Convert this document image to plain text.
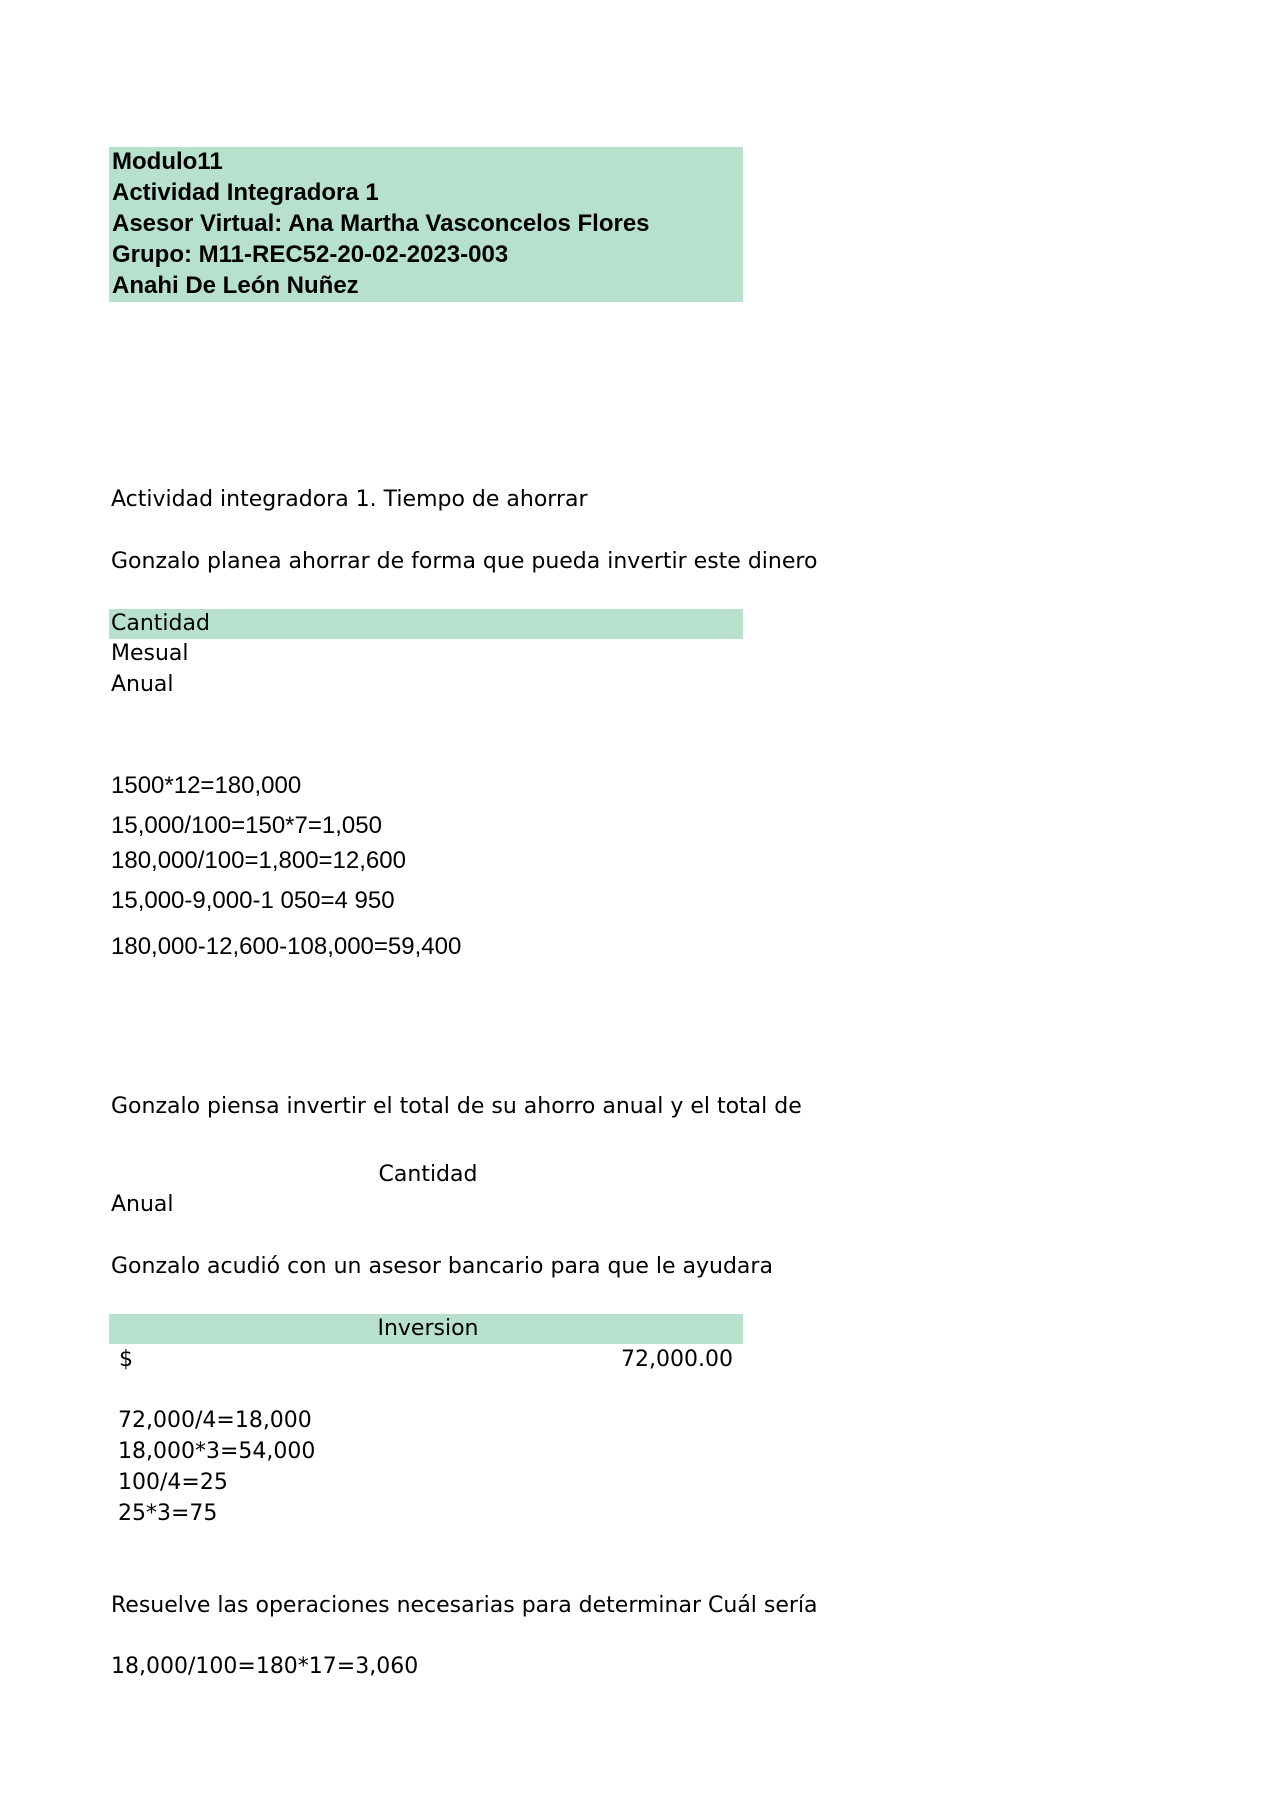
Modulo11
Actividad Integradora 1
Asesor Virtual: Ana Martha Vasconcelos Flores
Grupo: M11-REC52-20-02-2023-003
Anahi De León Nuñez
Actividad integradora 1. Tiempo de ahorrar
Gonzalo planea ahorrar de forma que pueda invertir este dinero
Cantidad
Mesual
Anual
1500*12=180,000
15,000/100=150*7=1,050
180,000/100=1,800=12,600
15,000-9,000-1 050=4 950
180,000-12,600-108,000=59,400
Gonzalo piensa invertir el total de su ahorro anual y el total de
Cantidad
Anual
Gonzalo acudió con un asesor bancario para que le ayudara
Inversion
$	72,000.00
72,000/4=18,000
18,000*3=54,000
100/4=25
25*3=75
Resuelve las operaciones necesarias para determinar Cuál sería
18,000/100=180*17=3,060
